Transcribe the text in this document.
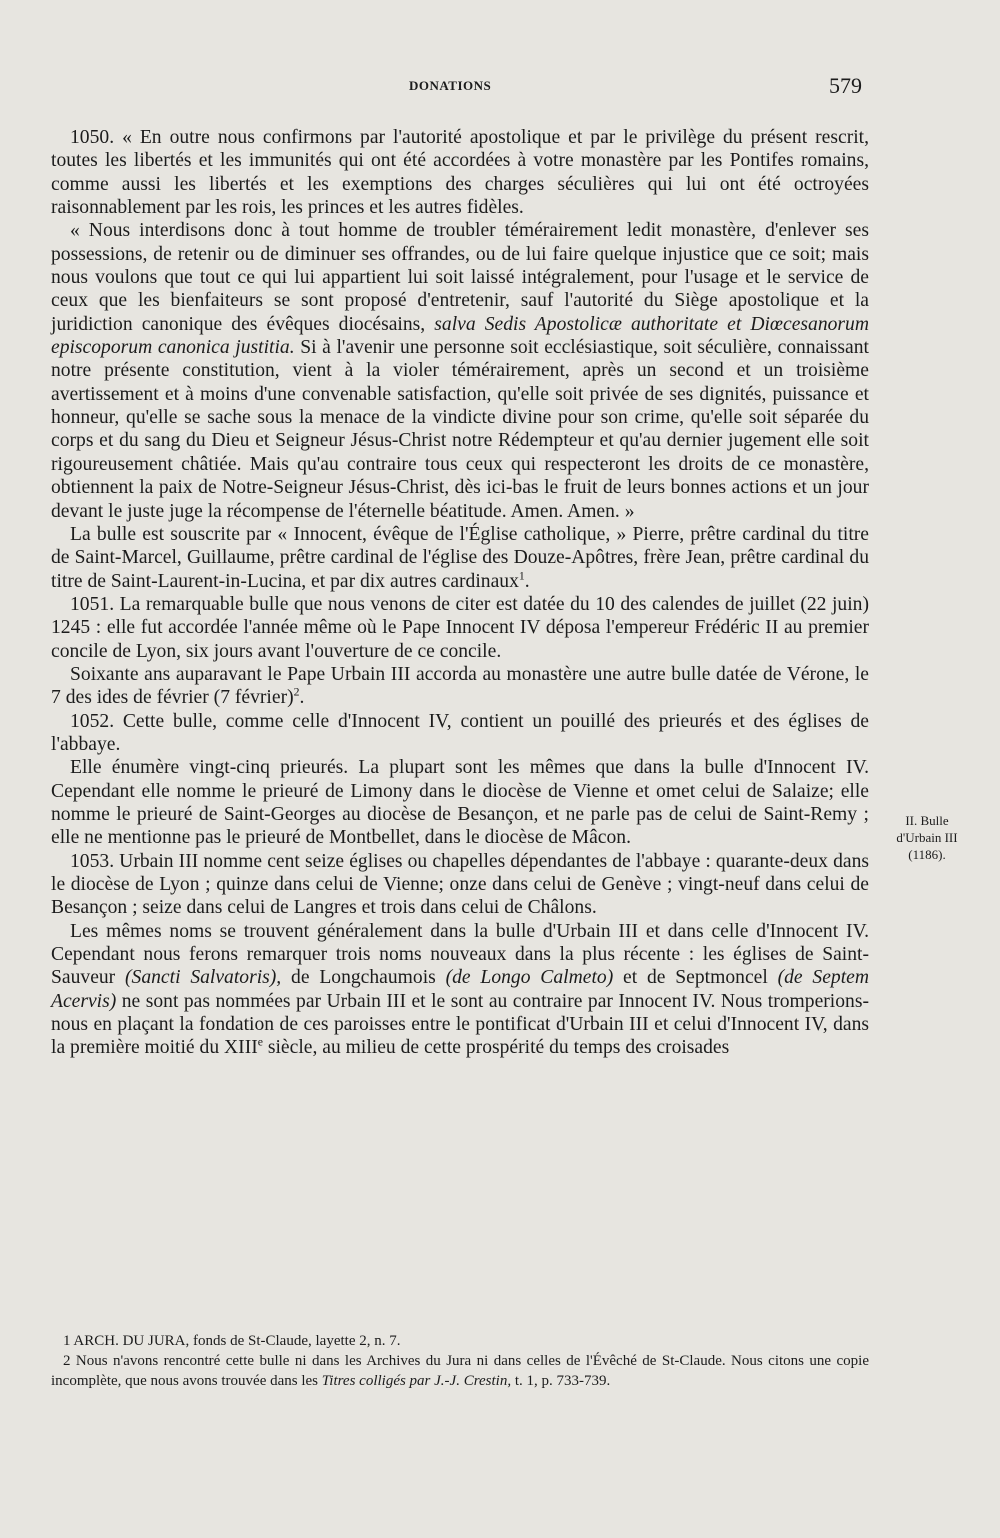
DONATIONS	579

1050. « En outre nous confirmons par l'autorité apostolique et par le privilège du présent rescrit, toutes les libertés et les immunités qui ont été accordées à votre monastère par les Pontifes romains, comme aussi les libertés et les exemptions des charges séculières qui lui ont été octroyées raisonnablement par les rois, les princes et les autres fidèles.

« Nous interdisons donc à tout homme de troubler témérairement ledit monastère, d'enlever ses possessions, de retenir ou de diminuer ses offrandes, ou de lui faire quelque injustice que ce soit; mais nous voulons que tout ce qui lui appartient lui soit laissé intégralement, pour l'usage et le service de ceux que les bienfaiteurs se sont proposé d'entretenir, sauf l'autorité du Siège apostolique et la juridiction canonique des évêques diocésains, salva Sedis Apostolicæ authoritate et Diœcesanorum episcoporum canonica justitia. Si à l'avenir une personne soit ecclésiastique, soit séculière, connaissant notre présente constitution, vient à la violer témérairement, après un second et un troisième avertissement et à moins d'une convenable satisfaction, qu'elle soit privée de ses dignités, puissance et honneur, qu'elle se sache sous la menace de la vindicte divine pour son crime, qu'elle soit séparée du corps et du sang du Dieu et Seigneur Jésus-Christ notre Rédempteur et qu'au dernier jugement elle soit rigoureusement châtiée. Mais qu'au contraire tous ceux qui respecteront les droits de ce monastère, obtiennent la paix de Notre-Seigneur Jésus-Christ, dès ici-bas le fruit de leurs bonnes actions et un jour devant le juste juge la récompense de l'éternelle béatitude. Amen. Amen. »

La bulle est souscrite par « Innocent, évêque de l'Église catholique, » Pierre, prêtre cardinal du titre de Saint-Marcel, Guillaume, prêtre cardinal de l'église des Douze-Apôtres, frère Jean, prêtre cardinal du titre de Saint-Laurent-in-Lucina, et par dix autres cardinaux$^1$.

1051. La remarquable bulle que nous venons de citer est datée du 10 des calendes de juillet (22 juin) 1245 : elle fut accordée l'année même où le Pape Innocent IV déposa l'empereur Frédéric II au premier concile de Lyon, six jours avant l'ouverture de ce concile.

Soixante ans auparavant le Pape Urbain III accorda au monastère une autre bulle datée de Vérone, le 7 des ides de février (7 février)$^2$.

1052. Cette bulle, comme celle d'Innocent IV, contient un pouillé des prieurés et des églises de l'abbaye.

Elle énumère vingt-cinq prieurés. La plupart sont les mêmes que dans la bulle d'Innocent IV. Cependant elle nomme le prieuré de Limony dans le diocèse de Vienne et omet celui de Salaize; elle nomme le prieuré de Saint-Georges au diocèse de Besançon, et ne parle pas de celui de Saint-Remy ; elle ne mentionne pas le prieuré de Montbellet, dans le diocèse de Mâcon.

1053. Urbain III nomme cent seize églises ou chapelles dépendantes de l'abbaye : quarante-deux dans le diocèse de Lyon ; quinze dans celui de Vienne; onze dans celui de Genève ; vingt-neuf dans celui de Besançon ; seize dans celui de Langres et trois dans celui de Châlons.

Les mêmes noms se trouvent généralement dans la bulle d'Urbain III et dans celle d'Innocent IV. Cependant nous ferons remarquer trois noms nouveaux dans la plus récente : les églises de Saint-Sauveur (Sancti Salvatoris), de Longchaumois (de Longo Calmeto) et de Septmoncel (de Septem Acervis) ne sont pas nommées par Urbain III et le sont au contraire par Innocent IV. Nous tromperions-nous en plaçant la fondation de ces paroisses entre le pontificat d'Urbain III et celui d'Innocent IV, dans la première moitié du XIIIe siècle, au milieu de cette prospérité du temps des croisades

II. Bulle
d'Urbain III
(1186).

1 ARCH. DU JURA, fonds de St-Claude, layette 2, n. 7.

2 Nous n'avons rencontré cette bulle ni dans les Archives du Jura ni dans celles de l'Évêché de St-Claude. Nous citons une copie incomplète, que nous avons trouvée dans les Titres colligés par J.-J. Crestin, t. 1, p. 733-739.
